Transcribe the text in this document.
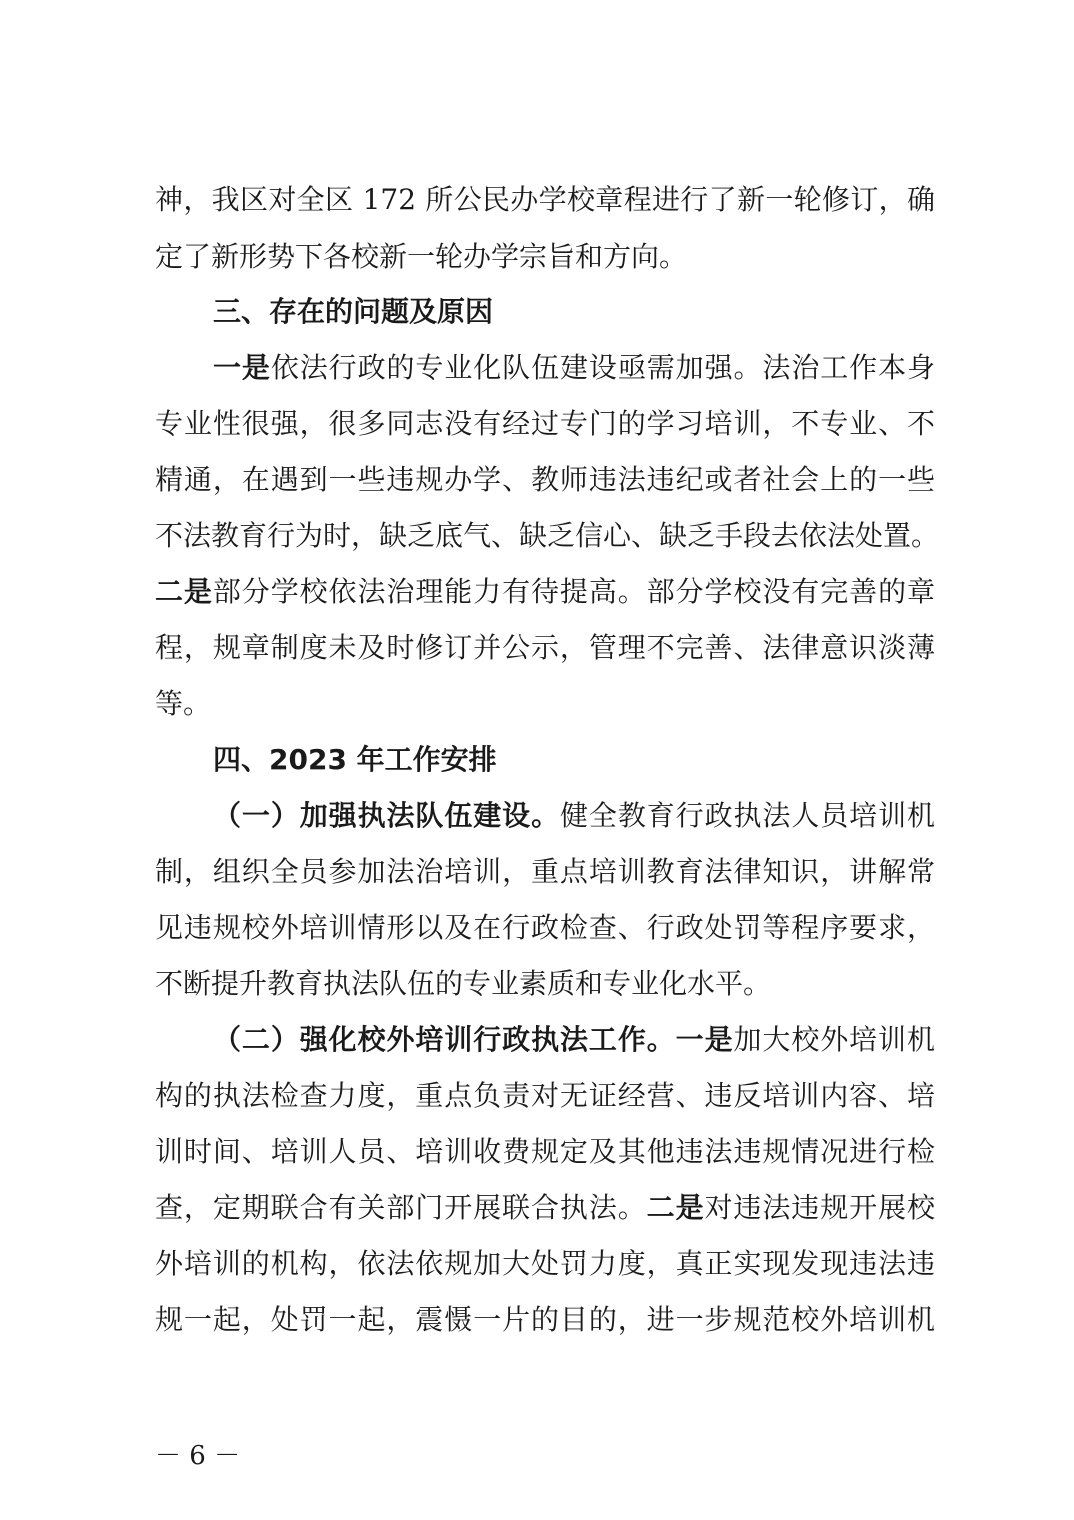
神，我区对全区 172 所公民办学校章程进行了新一轮修订，确
定了新形势下各校新一轮办学宗旨和方向。
三、存在的问题及原因
一是依法行政的专业化队伍建设亟需加强。法治工作本身
专业性很强，很多同志没有经过专门的学习培训，不专业、不
精通，在遇到一些违规办学、教师违法违纪或者社会上的一些
不法教育行为时，缺乏底气、缺乏信心、缺乏手段去依法处置。
二是部分学校依法治理能力有待提高。部分学校没有完善的章
程，规章制度未及时修订并公示，管理不完善、法律意识淡薄
等。
四、2023 年工作安排
（一）加强执法队伍建设。健全教育行政执法人员培训机
制，组织全员参加法治培训，重点培训教育法律知识，讲解常
见违规校外培训情形以及在行政检查、行政处罚等程序要求，
不断提升教育执法队伍的专业素质和专业化水平。
（二）强化校外培训行政执法工作。一是加大校外培训机
构的执法检查力度，重点负责对无证经营、违反培训内容、培
训时间、培训人员、培训收费规定及其他违法违规情况进行检
查，定期联合有关部门开展联合执法。二是对违法违规开展校
外培训的机构，依法依规加大处罚力度，真正实现发现违法违
规一起，处罚一起，震慑一片的目的，进一步规范校外培训机
－ 6 －
